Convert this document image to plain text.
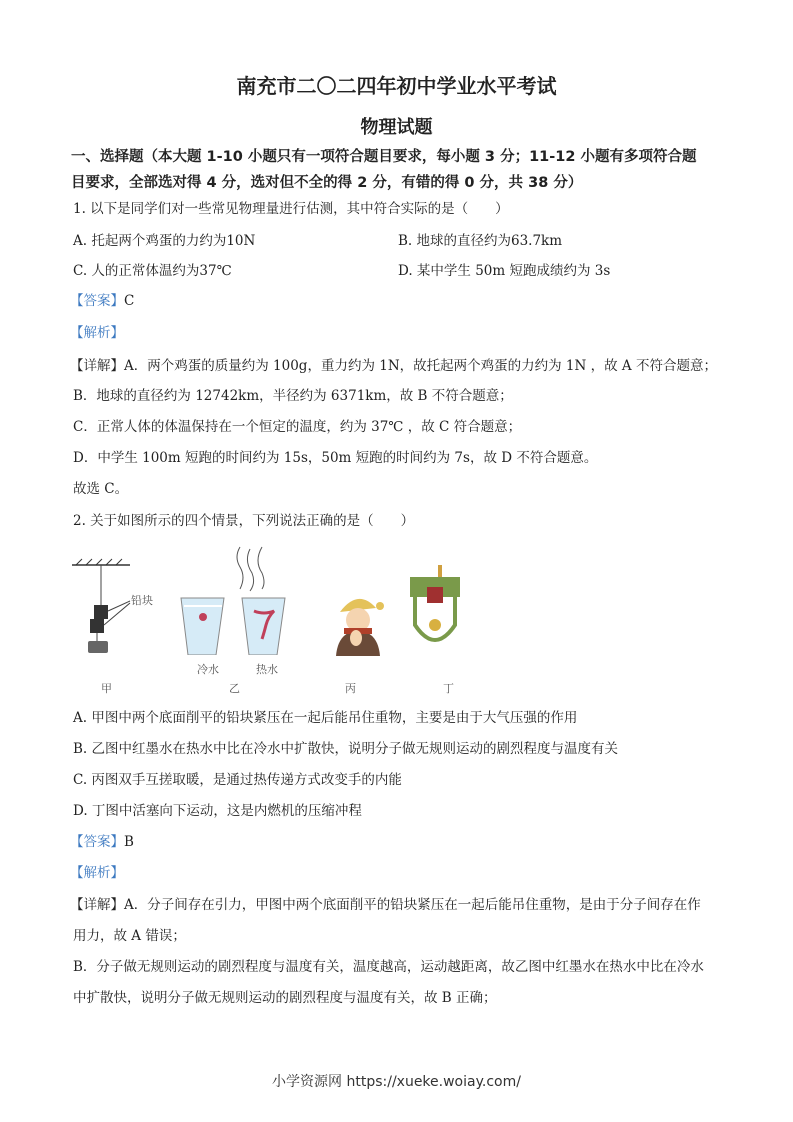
南充市二〇二四年初中学业水平考试
物理试题
一、选择题（本大题 1-10 小题只有一项符合题目要求，每小题 3 分；11-12 小题有多项符合题
目要求，全部选对得 4 分，选对但不全的得 2 分，有错的得 0 分，共 38 分）
1. 以下是同学们对一些常见物理量进行估测，其中符合实际的是（　　）
A. 托起两个鸡蛋的力约为10N	B. 地球的直径约为63.7km
C. 人的正常体温约为37℃	D. 某中学生 50m 短跑成绩约为 3s
【答案】C
【解析】
【详解】A．两个鸡蛋的质量约为 100g，重力约为 1N，故托起两个鸡蛋的力约为 1N ，故 A 不符合题意；
B．地球的直径约为 12742km，半径约为 6371km，故 B 不符合题意；
C．正常人体的体温保持在一个恒定的温度，约为 37℃ ，故 C 符合题意；
D．中学生 100m 短跑的时间约为 15s，50m 短跑的时间约为 7s，故 D 不符合题意。
故选 C。
2. 关于如图所示的四个情景，下列说法正确的是（　　）
铅块
冷水	热水
甲	乙	丙	丁
A. 甲图中两个底面削平的铅块紧压在一起后能吊住重物，主要是由于大气压强的作用
B. 乙图中红墨水在热水中比在冷水中扩散快，说明分子做无规则运动的剧烈程度与温度有关
C. 丙图双手互搓取暖，是通过热传递方式改变手的内能
D. 丁图中活塞向下运动，这是内燃机的压缩冲程
【答案】B
【解析】
【详解】A．分子间存在引力，甲图中两个底面削平的铅块紧压在一起后能吊住重物，是由于分子间存在作
用力，故 A 错误；
B．分子做无规则运动的剧烈程度与温度有关，温度越高，运动越距离，故乙图中红墨水在热水中比在冷水
中扩散快，说明分子做无规则运动的剧烈程度与温度有关，故 B 正确；
小学资源网 https://xueke.woiay.com/
